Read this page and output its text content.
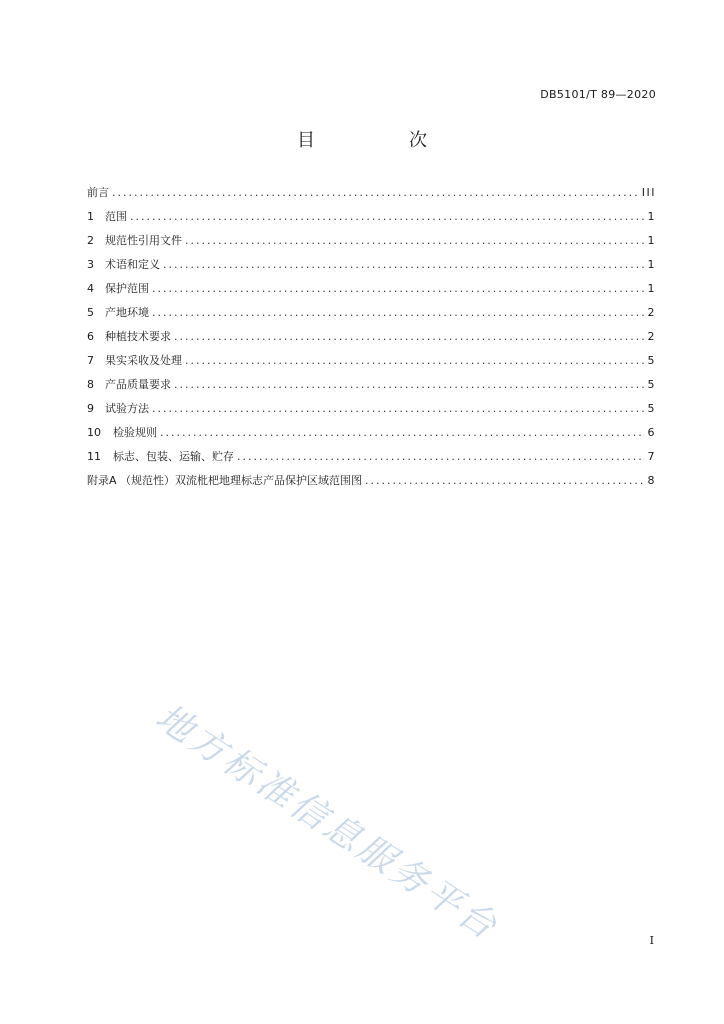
DB5101/T 89—2020
目　次
前言 .....	III
1	范围 .....	1
2	规范性引用文件 .....	1
3	术语和定义 .....	1
4	保护范围 .....	1
5	产地环境 .....	2
6	种植技术要求 .....	2
7	果实采收及处理 .....	5
8	产品质量要求 .....	5
9	试验方法 .....	5
10	检验规则 .....	6
11	标志、包装、运输、贮存 .....	7
附录A （规范性）双流枇杷地理标志产品保护区域范围图 .....	8
地方标准信息服务平台	I
